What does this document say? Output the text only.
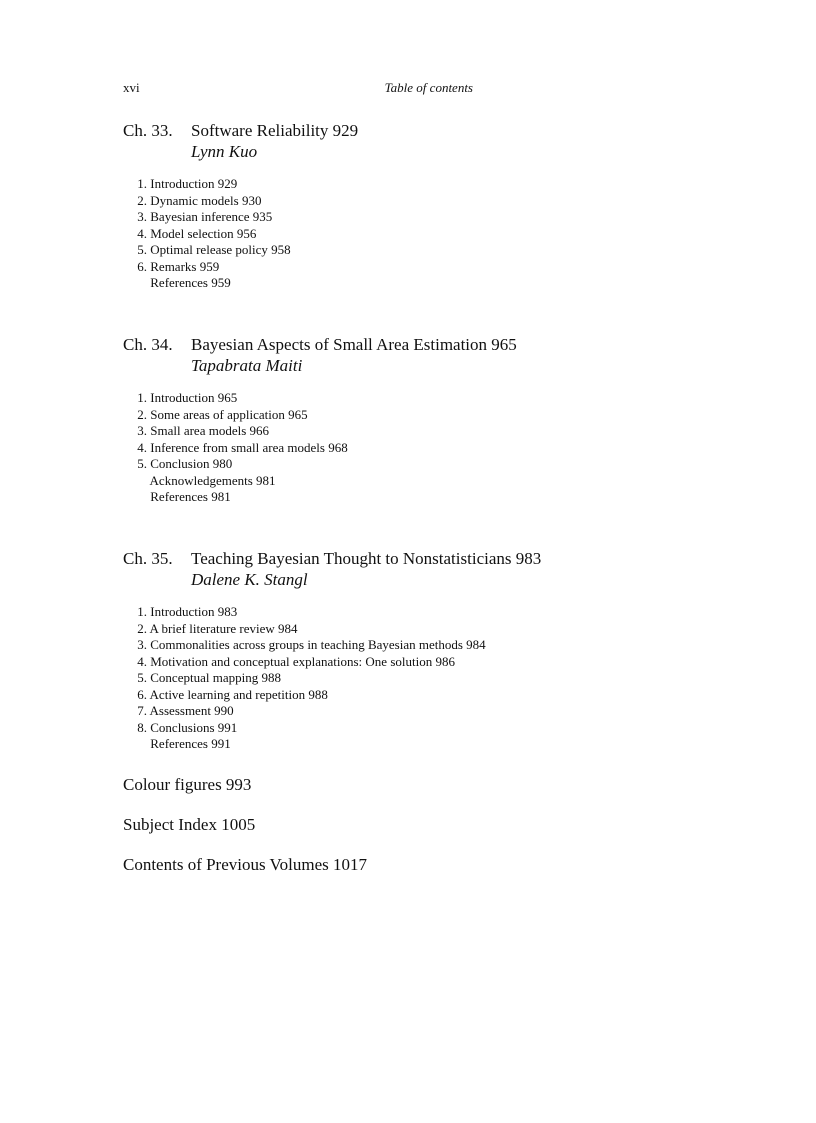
xvi	Table of contents
Ch. 33. Software Reliability 929
Lynn Kuo
1. Introduction 929
2. Dynamic models 930
3. Bayesian inference 935
4. Model selection 956
5. Optimal release policy 958
6. Remarks 959
References 959
Ch. 34. Bayesian Aspects of Small Area Estimation 965
Tapabrata Maiti
1. Introduction 965
2. Some areas of application 965
3. Small area models 966
4. Inference from small area models 968
5. Conclusion 980
Acknowledgements 981
References 981
Ch. 35. Teaching Bayesian Thought to Nonstatisticians 983
Dalene K. Stangl
1. Introduction 983
2. A brief literature review 984
3. Commonalities across groups in teaching Bayesian methods 984
4. Motivation and conceptual explanations: One solution 986
5. Conceptual mapping 988
6. Active learning and repetition 988
7. Assessment 990
8. Conclusions 991
References 991
Colour figures 993
Subject Index 1005
Contents of Previous Volumes 1017
